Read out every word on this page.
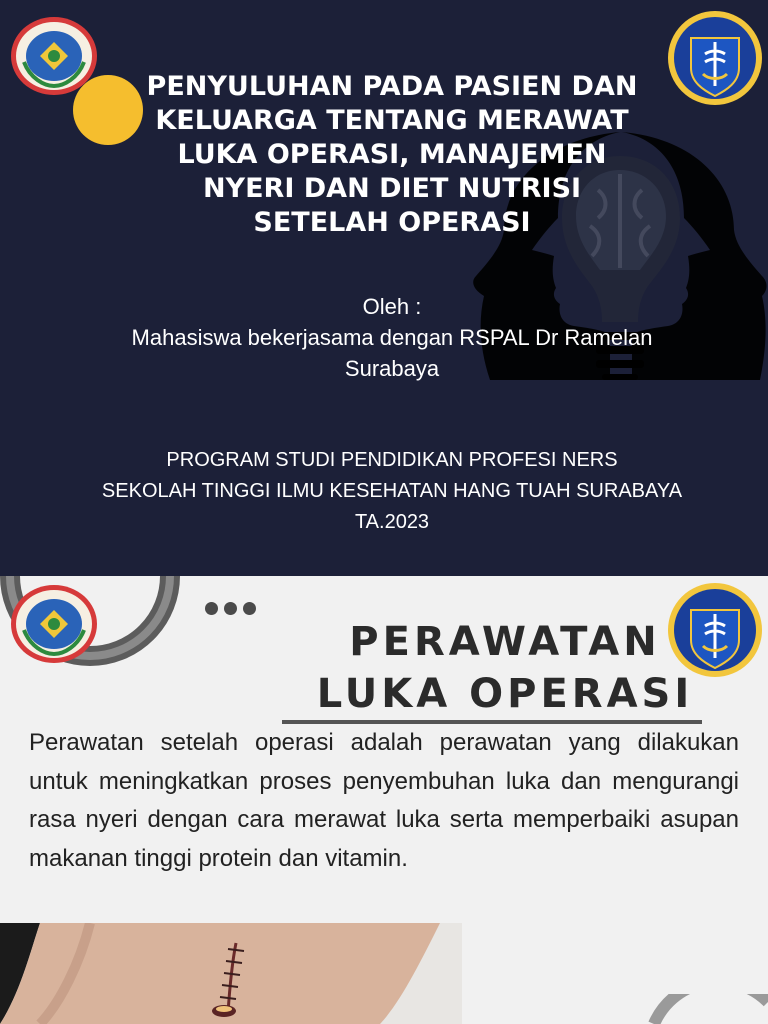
PENYULUHAN PADA PASIEN DAN
KELUARGA TENTANG MERAWAT
LUKA OPERASI, MANAJEMEN
NYERI DAN DIET NUTRISI
SETELAH OPERASI

Oleh :
Mahasiswa bekerjasama dengan RSPAL Dr Ramelan
Surabaya

PROGRAM STUDI PENDIDIKAN PROFESI NERS
SEKOLAH TINGGI ILMU KESEHATAN HANG TUAH SURABAYA
TA.2023

PERAWATAN
LUKA OPERASI

Perawatan setelah operasi adalah perawatan yang dilakukan untuk meningkatkan proses penyembuhan luka dan mengurangi rasa nyeri dengan cara merawat luka serta memperbaiki asupan makanan tinggi protein dan vitamin.
